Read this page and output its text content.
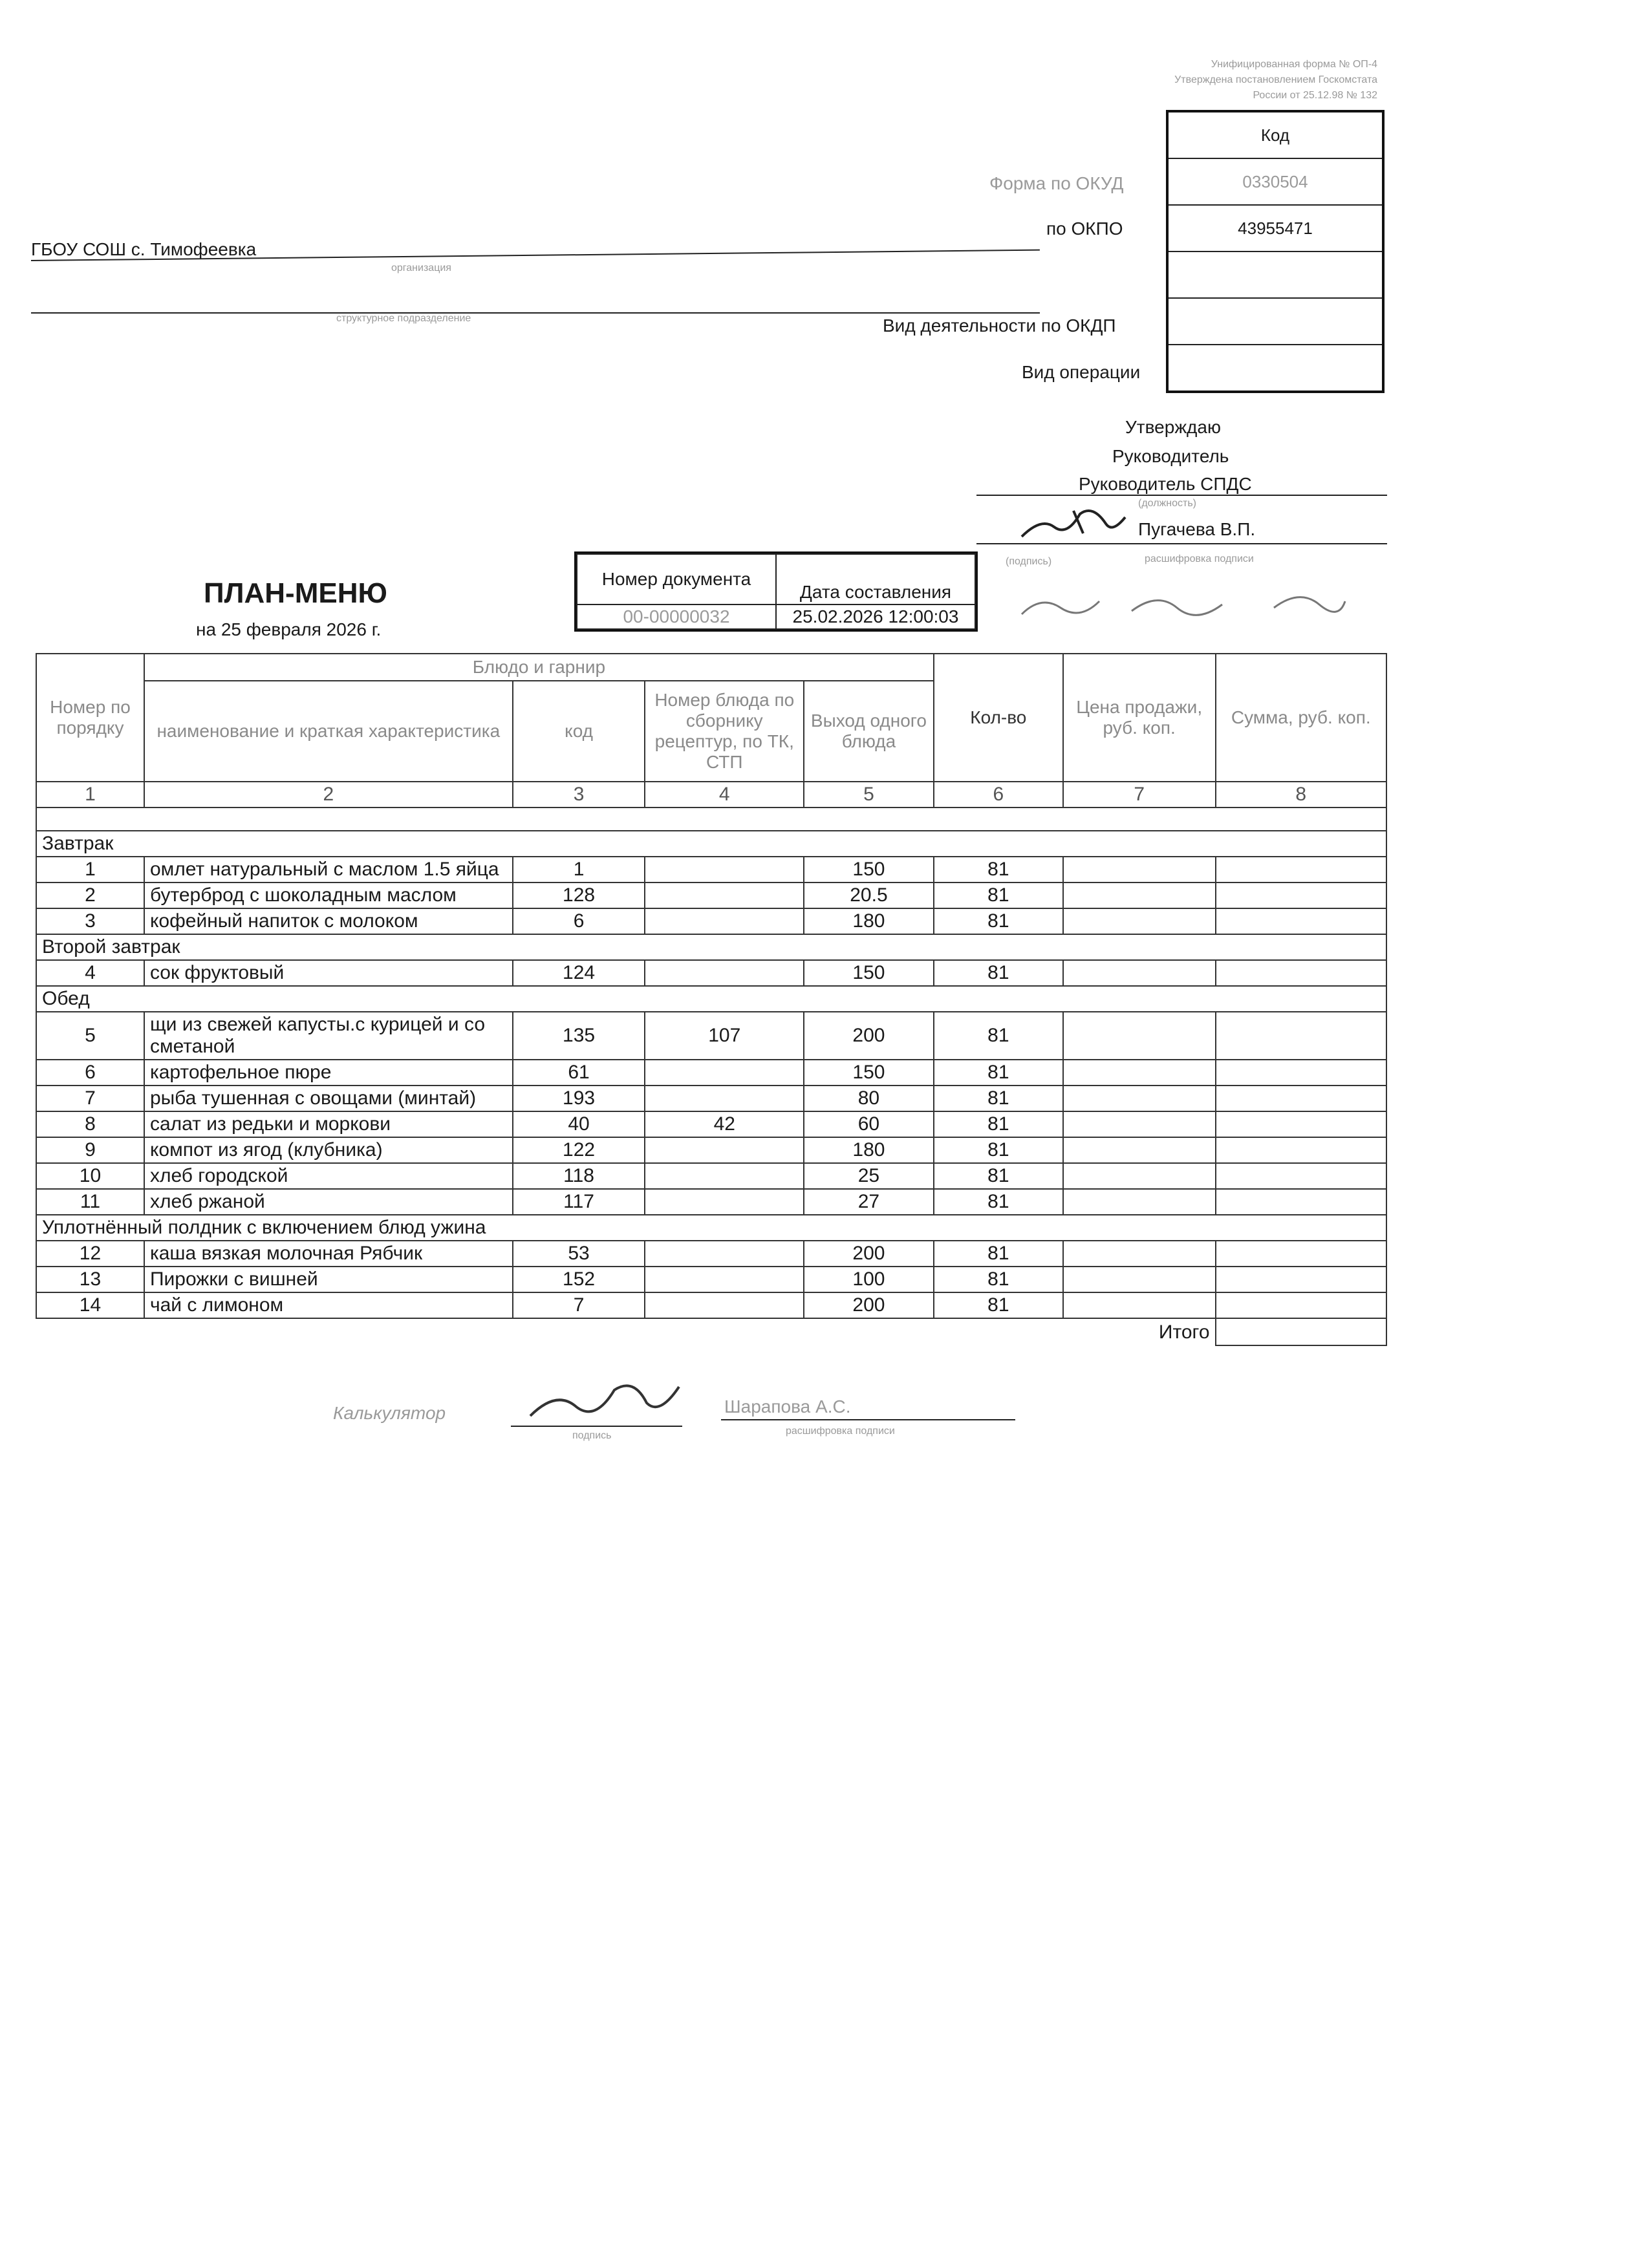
Унифицированная форма № ОП-4
Утверждена постановлением Госкомстата
России от 25.12.98 № 132
Код
0330504
43955471
Форма по ОКУД
по ОКПО
Вид деятельности по ОКДП
Вид операции
ГБОУ СОШ с. Тимофеевка
организация
структурное подразделение
Утверждаю
Руководитель
Руководитель СПДС
(должность)
Пугачева В.П.
(подпись)	расшифровка подписи
ПЛАН-МЕНЮ
на 25 февраля 2026 г.
Номер документа	Дата составления
00-00000032	25.02.2026 12:00:03
Номер по порядку	Блюдо и гарнир				Кол-во	Цена продажи, руб. коп.	Сумма, руб. коп.
	наименование и краткая характеристика	код	Номер блюда по сборнику рецептур, по ТК, СТП	Выход одного блюда			
1	2	3	4	5	6	7	8

Завтрак							
1	омлет натуральный с маслом 1.5 яйца	1		150	81		
2	бутерброд с шоколадным маслом	128		20.5	81		
3	кофейный напиток с молоком	6		180	81		
Второй завтрак							
4	сок фруктовый	124		150	81		
Обед							
5	щи из свежей капусты.с курицей и со сметаной	135	107	200	81		
6	картофельное пюре	61		150	81		
7	рыба тушенная с овощами (минтай)	193		80	81		
8	салат из редьки и моркови	40	42	60	81		
9	компот из ягод (клубника)	122		180	81		
10	хлеб городской	118		25	81		
11	хлеб ржаной	117		27	81		
Уплотнённый полдник с включением блюд ужина							
12	каша вязкая молочная Рябчик	53		200	81		
13	Пирожки с вишней	152		100	81		
14	чай с лимоном	7		200	81		
Итого							
Калькулятор
подпись
Шарапова А.С.
расшифровка подписи
